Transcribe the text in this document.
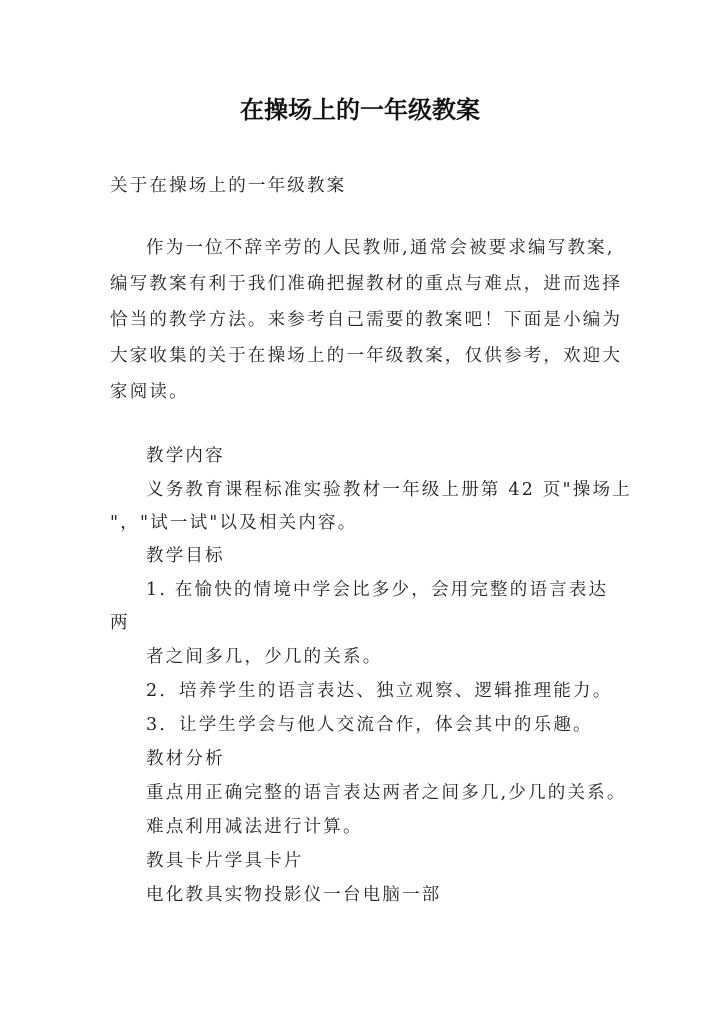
在操场上的一年级教案
关于在操场上的一年级教案
作为一位不辞辛劳的人民教师,通常会被要求编写教案,
编写教案有利于我们准确把握教材的重点与难点，进而选择
恰当的教学方法。来参考自己需要的教案吧！下面是小编为
大家收集的关于在操场上的一年级教案，仅供参考，欢迎大
家阅读。
教学内容
义务教育课程标准实验教材一年级上册第 42 页"操场上
"，"试一试"以及相关内容。
教学目标
1. 在愉快的情境中学会比多少，会用完整的语言表达
两
者之间多几，少几的关系。
2．培养学生的语言表达、独立观察、逻辑推理能力。
3．让学生学会与他人交流合作，体会其中的乐趣。
教材分析
重点用正确完整的语言表达两者之间多几,少几的关系。
难点利用减法进行计算。
教具卡片学具卡片
电化教具实物投影仪一台电脑一部
